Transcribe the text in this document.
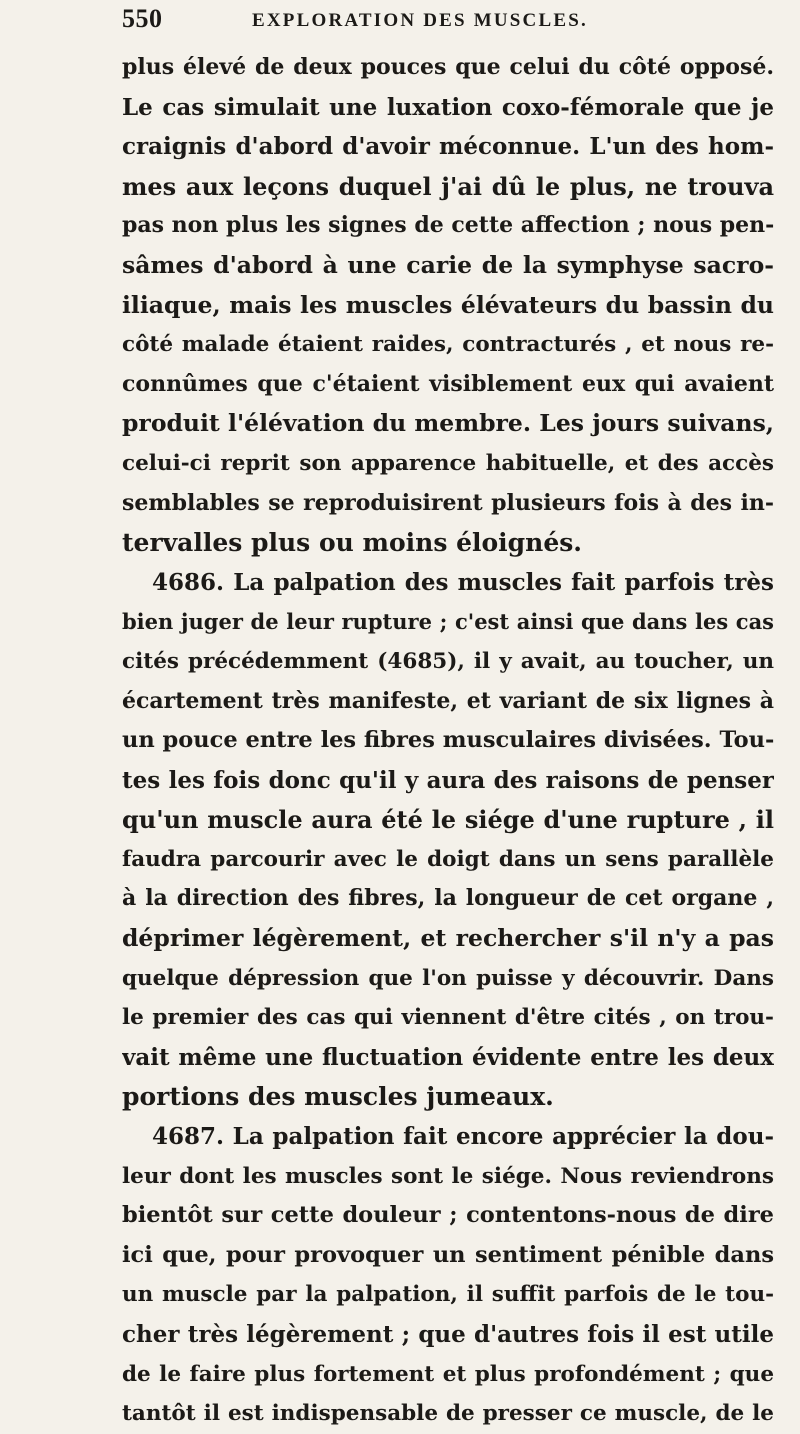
550	EXPLORATION DES MUSCLES.
plus élevé de deux pouces que celui du côté opposé.
Le cas simulait une luxation coxo-fémorale que je
craignis d'abord d'avoir méconnue. L'un des hom-
mes aux leçons duquel j'ai dû le plus, ne trouva
pas non plus les signes de cette affection ; nous pen-
sâmes d'abord à une carie de la symphyse sacro-
iliaque, mais les muscles élévateurs du bassin du
côté malade étaient raides, contracturés , et nous re-
connûmes que c'étaient visiblement eux qui avaient
produit l'élévation du membre. Les jours suivans,
celui-ci reprit son apparence habituelle, et des accès
semblables se reproduisirent plusieurs fois à des in-
tervalles plus ou moins éloignés.
4686. La palpation des muscles fait parfois très
bien juger de leur rupture ; c'est ainsi que dans les cas
cités précédemment (4685), il y avait, au toucher, un
écartement très manifeste, et variant de six lignes à
un pouce entre les fibres musculaires divisées. Tou-
tes les fois donc qu'il y aura des raisons de penser
qu'un muscle aura été le siége d'une rupture , il
faudra parcourir avec le doigt dans un sens parallèle
à la direction des fibres, la longueur de cet organe ,
déprimer légèrement, et rechercher s'il n'y a pas
quelque dépression que l'on puisse y découvrir. Dans
le premier des cas qui viennent d'être cités , on trou-
vait même une fluctuation évidente entre les deux
portions des muscles jumeaux.
4687. La palpation fait encore apprécier la dou-
leur dont les muscles sont le siége. Nous reviendrons
bientôt sur cette douleur ; contentons-nous de dire
ici que, pour provoquer un sentiment pénible dans
un muscle par la palpation, il suffit parfois de le tou-
cher très légèrement ; que d'autres fois il est utile
de le faire plus fortement et plus profondément ; que
tantôt il est indispensable de presser ce muscle, de le
